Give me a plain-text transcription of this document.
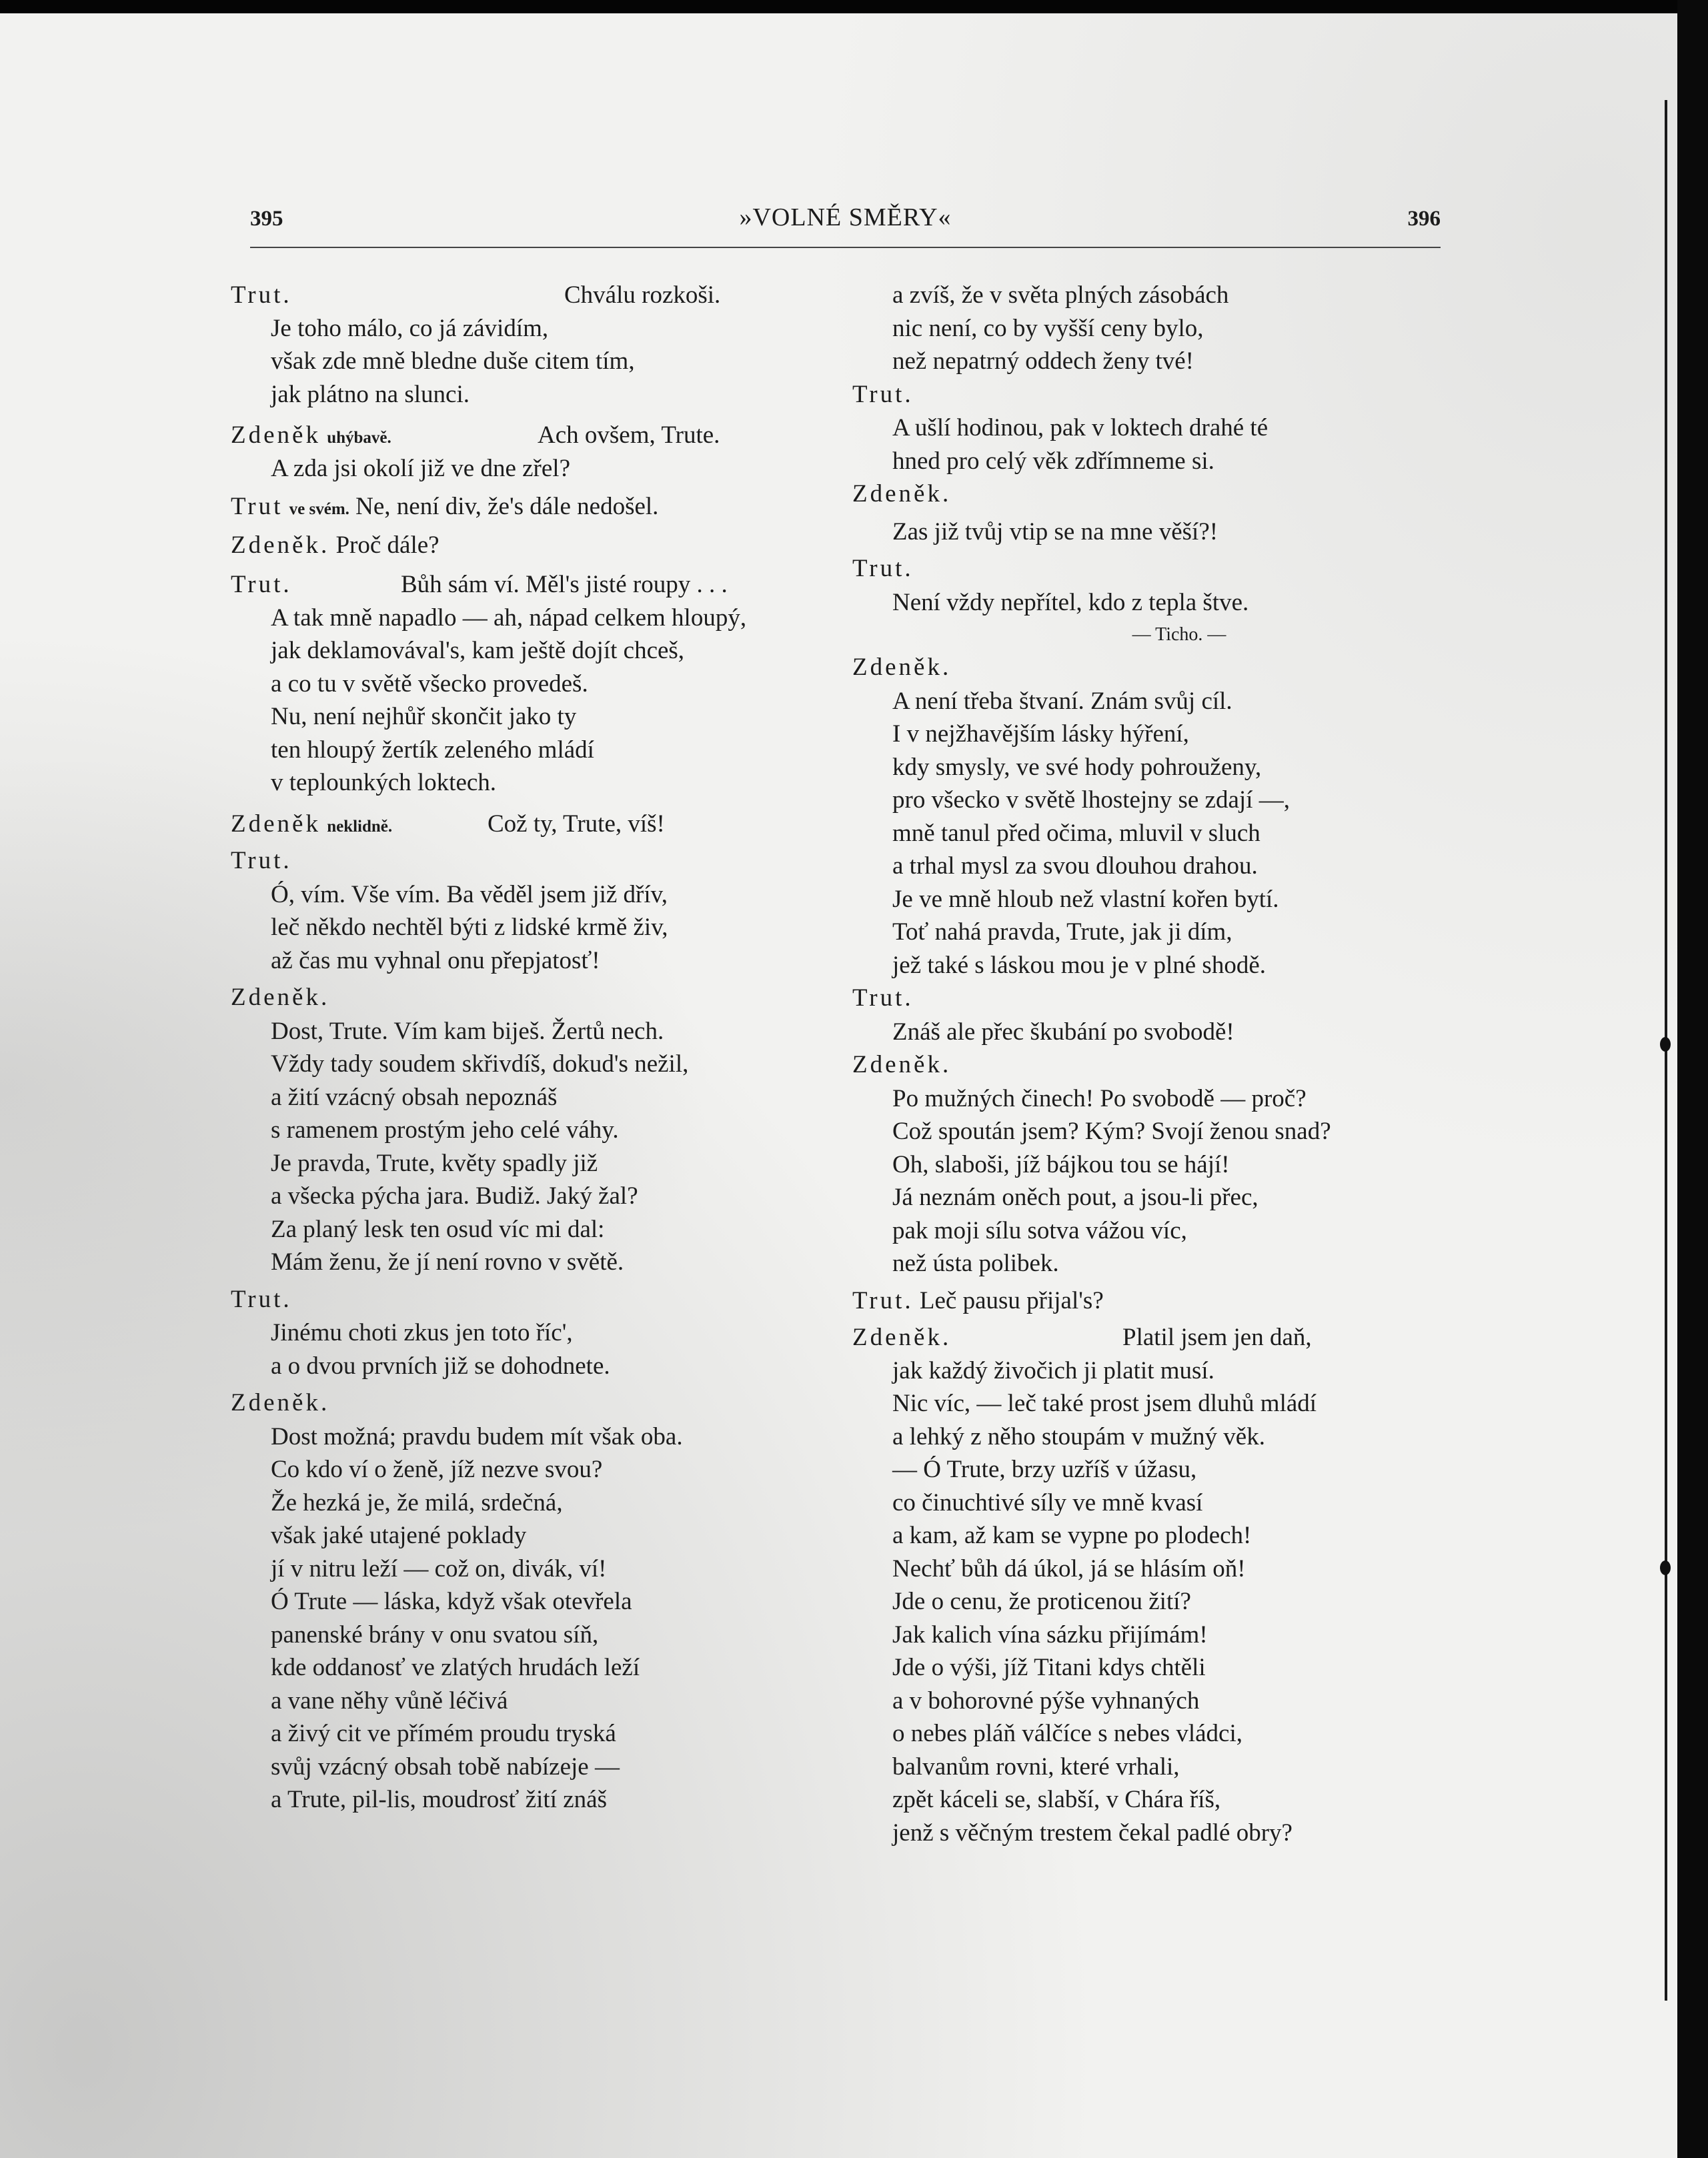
395	»VOLNÉ SMĚRY«	396
Trut.	Chválu rozkoši.
Je toho málo, co já závidím,
však zde mně bledne duše citem tím,
jak plátno na slunci.
Zdeněk uhýbavě.	Ach ovšem, Trute.
A zda jsi okolí již ve dne zřel?
Trut ve svém. Ne, není div, že's dále nedošel.
Zdeněk. Proč dále?
Trut.	Bůh sám ví. Měl's jisté roupy . . .
A tak mně napadlo — ah, nápad celkem hloupý,
jak deklamovával's, kam ještě dojít chceš,
a co tu v světě všecko provedeš.
Nu, není nejhůř skončit jako ty
ten hloupý žertík zeleného mládí
v teplounkých loktech.
Zdeněk neklidně.	Což ty, Trute, víš!
Trut.
Ó, vím. Vše vím. Ba věděl jsem již dřív,
leč někdo nechtěl býti z lidské krmě živ,
až čas mu vyhnal onu přepjatosť!
Zdeněk.
Dost, Trute. Vím kam biješ. Žertů nech.
Vždy tady soudem skřivdíš, dokud's nežil,
a žití vzácný obsah nepoznáš
s ramenem prostým jeho celé váhy.
Je pravda, Trute, květy spadly již
a všecka pýcha jara. Budiž. Jaký žal?
Za planý lesk ten osud víc mi dal:
Mám ženu, že jí není rovno v světě.
Trut.
Jinému choti zkus jen toto říc',
a o dvou prvních již se dohodnete.
Zdeněk.
Dost možná; pravdu budem mít však oba.
Co kdo ví o ženě, jíž nezve svou?
Že hezká je, že milá, srdečná,
však jaké utajené poklady
jí v nitru leží — což on, divák, ví!
Ó Trute — láska, když však otevřela
panenské brány v onu svatou síň,
kde oddanosť ve zlatých hrudách leží
a vane něhy vůně léčivá
a živý cit ve přímém proudu tryská
svůj vzácný obsah tobě nabízeje —
a Trute, pil-lis, moudrosť žití znáš
a zvíš, že v světa plných zásobách
nic není, co by vyšší ceny bylo,
než nepatrný oddech ženy tvé!
Trut.
A ušlí hodinou, pak v loktech drahé té
hned pro celý věk zdřímneme si.
Zdeněk.
Zas již tvůj vtip se na mne věší?!
Trut.
Není vždy nepřítel, kdo z tepla štve.
— Ticho. —
Zdeněk.
A není třeba štvaní. Znám svůj cíl.
I v nejžhavějším lásky hýření,
kdy smysly, ve své hody pohrouženy,
pro všecko v světě lhostejny se zdají —,
mně tanul před očima, mluvil v sluch
a trhal mysl za svou dlouhou drahou.
Je ve mně hloub než vlastní kořen bytí.
Toť nahá pravda, Trute, jak ji dím,
jež také s láskou mou je v plné shodě.
Trut.
Znáš ale přec škubání po svobodě!
Zdeněk.
Po mužných činech! Po svobodě — proč?
Což spoután jsem? Kým? Svojí ženou snad?
Oh, slaboši, jíž bájkou tou se hájí!
Já neznám oněch pout, a jsou-li přec,
pak moji sílu sotva vážou víc,
než ústa polibek.
Trut. Leč pausu přijal's?
Zdeněk.	Platil jsem jen daň,
jak každý živočich ji platit musí.
Nic víc, — leč také prost jsem dluhů mládí
a lehký z něho stoupám v mužný věk.
— Ó Trute, brzy uzříš v úžasu,
co činuchtivé síly ve mně kvasí
a kam, až kam se vypne po plodech!
Nechť bůh dá úkol, já se hlásím oň!
Jde o cenu, že proticenou žití?
Jak kalich vína sázku přijímám!
Jde o výši, jíž Titani kdys chtěli
a v bohorovné pýše vyhnaných
o nebes pláň válčíce s nebes vládci,
balvanům rovni, které vrhali,
zpět káceli se, slabší, v Chára říš,
jenž s věčným trestem čekal padlé obry?
